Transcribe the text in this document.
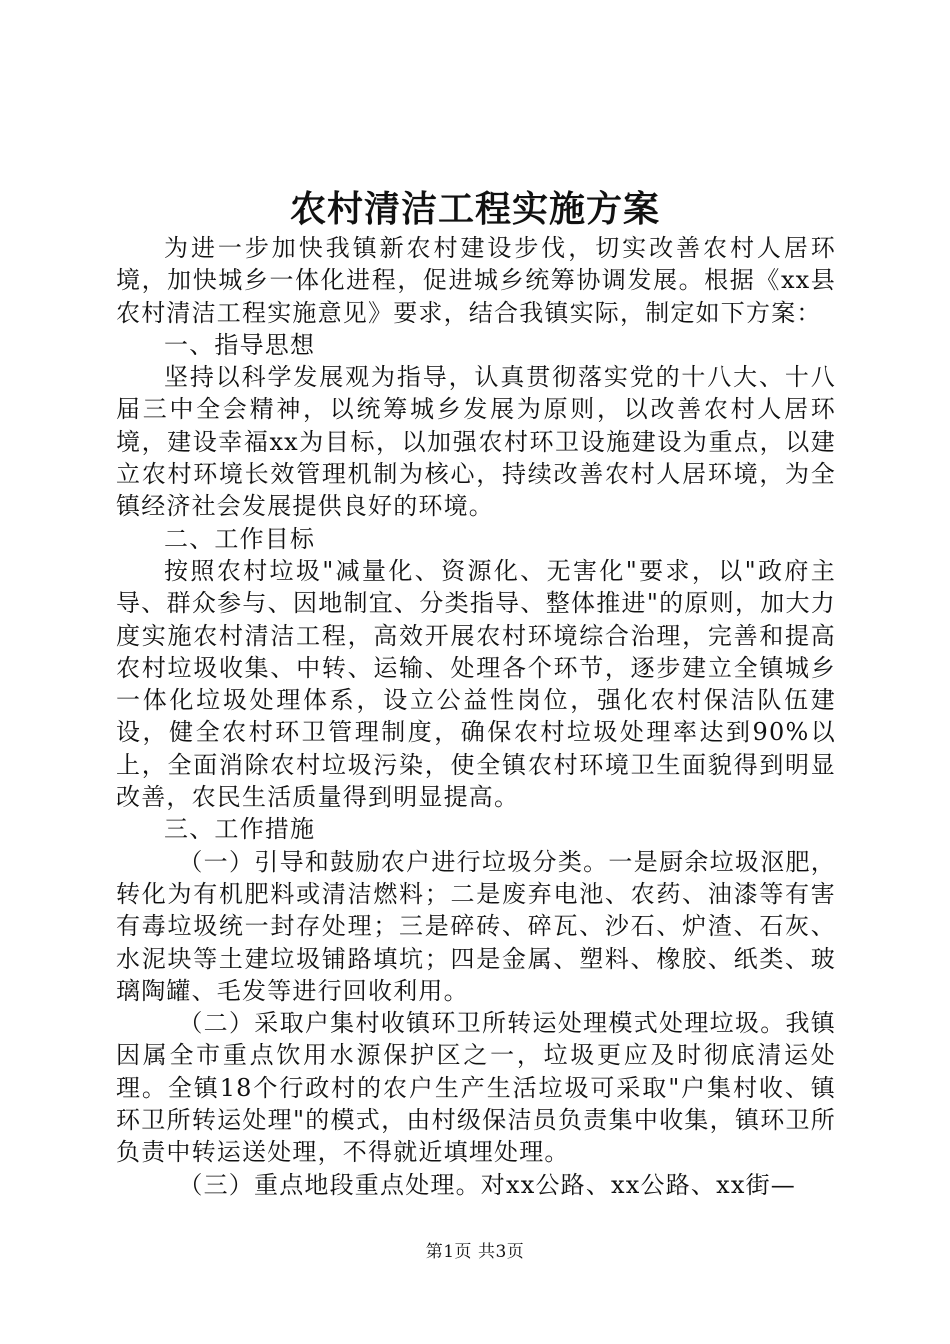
农村清洁工程实施方案

为进一步加快我镇新农村建设步伐，切实改善农村人居环境，加快城乡一体化进程，促进城乡统筹协调发展。根据《xx县农村清洁工程实施意见》要求，结合我镇实际，制定如下方案：

一、指导思想

坚持以科学发展观为指导，认真贯彻落实党的十八大、十八届三中全会精神，以统筹城乡发展为原则，以改善农村人居环境，建设幸福xx为目标，以加强农村环卫设施建设为重点，以建立农村环境长效管理机制为核心，持续改善农村人居环境，为全镇经济社会发展提供良好的环境。

二、工作目标

按照农村垃圾"减量化、资源化、无害化"要求，以"政府主导、群众参与、因地制宜、分类指导、整体推进"的原则，加大力度实施农村清洁工程，高效开展农村环境综合治理，完善和提高农村垃圾收集、中转、运输、处理各个环节，逐步建立全镇城乡一体化垃圾处理体系，设立公益性岗位，强化农村保洁队伍建设，健全农村环卫管理制度，确保农村垃圾处理率达到90%以上，全面消除农村垃圾污染，使全镇农村环境卫生面貌得到明显改善，农民生活质量得到明显提高。

三、工作措施

（一）引导和鼓励农户进行垃圾分类。一是厨余垃圾沤肥，转化为有机肥料或清洁燃料；二是废弃电池、农药、油漆等有害有毒垃圾统一封存处理；三是碎砖、碎瓦、沙石、炉渣、石灰、水泥块等土建垃圾铺路填坑；四是金属、塑料、橡胶、纸类、玻璃陶罐、毛发等进行回收利用。

（二）采取户集村收镇环卫所转运处理模式处理垃圾。我镇因属全市重点饮用水源保护区之一，垃圾更应及时彻底清运处理。全镇18个行政村的农户生产生活垃圾可采取"户集村收、镇环卫所转运处理"的模式，由村级保洁员负责集中收集，镇环卫所负责中转运送处理，不得就近填埋处理。

（三）重点地段重点处理。对xx公路、xx公路、xx街—

第1页 共3页
